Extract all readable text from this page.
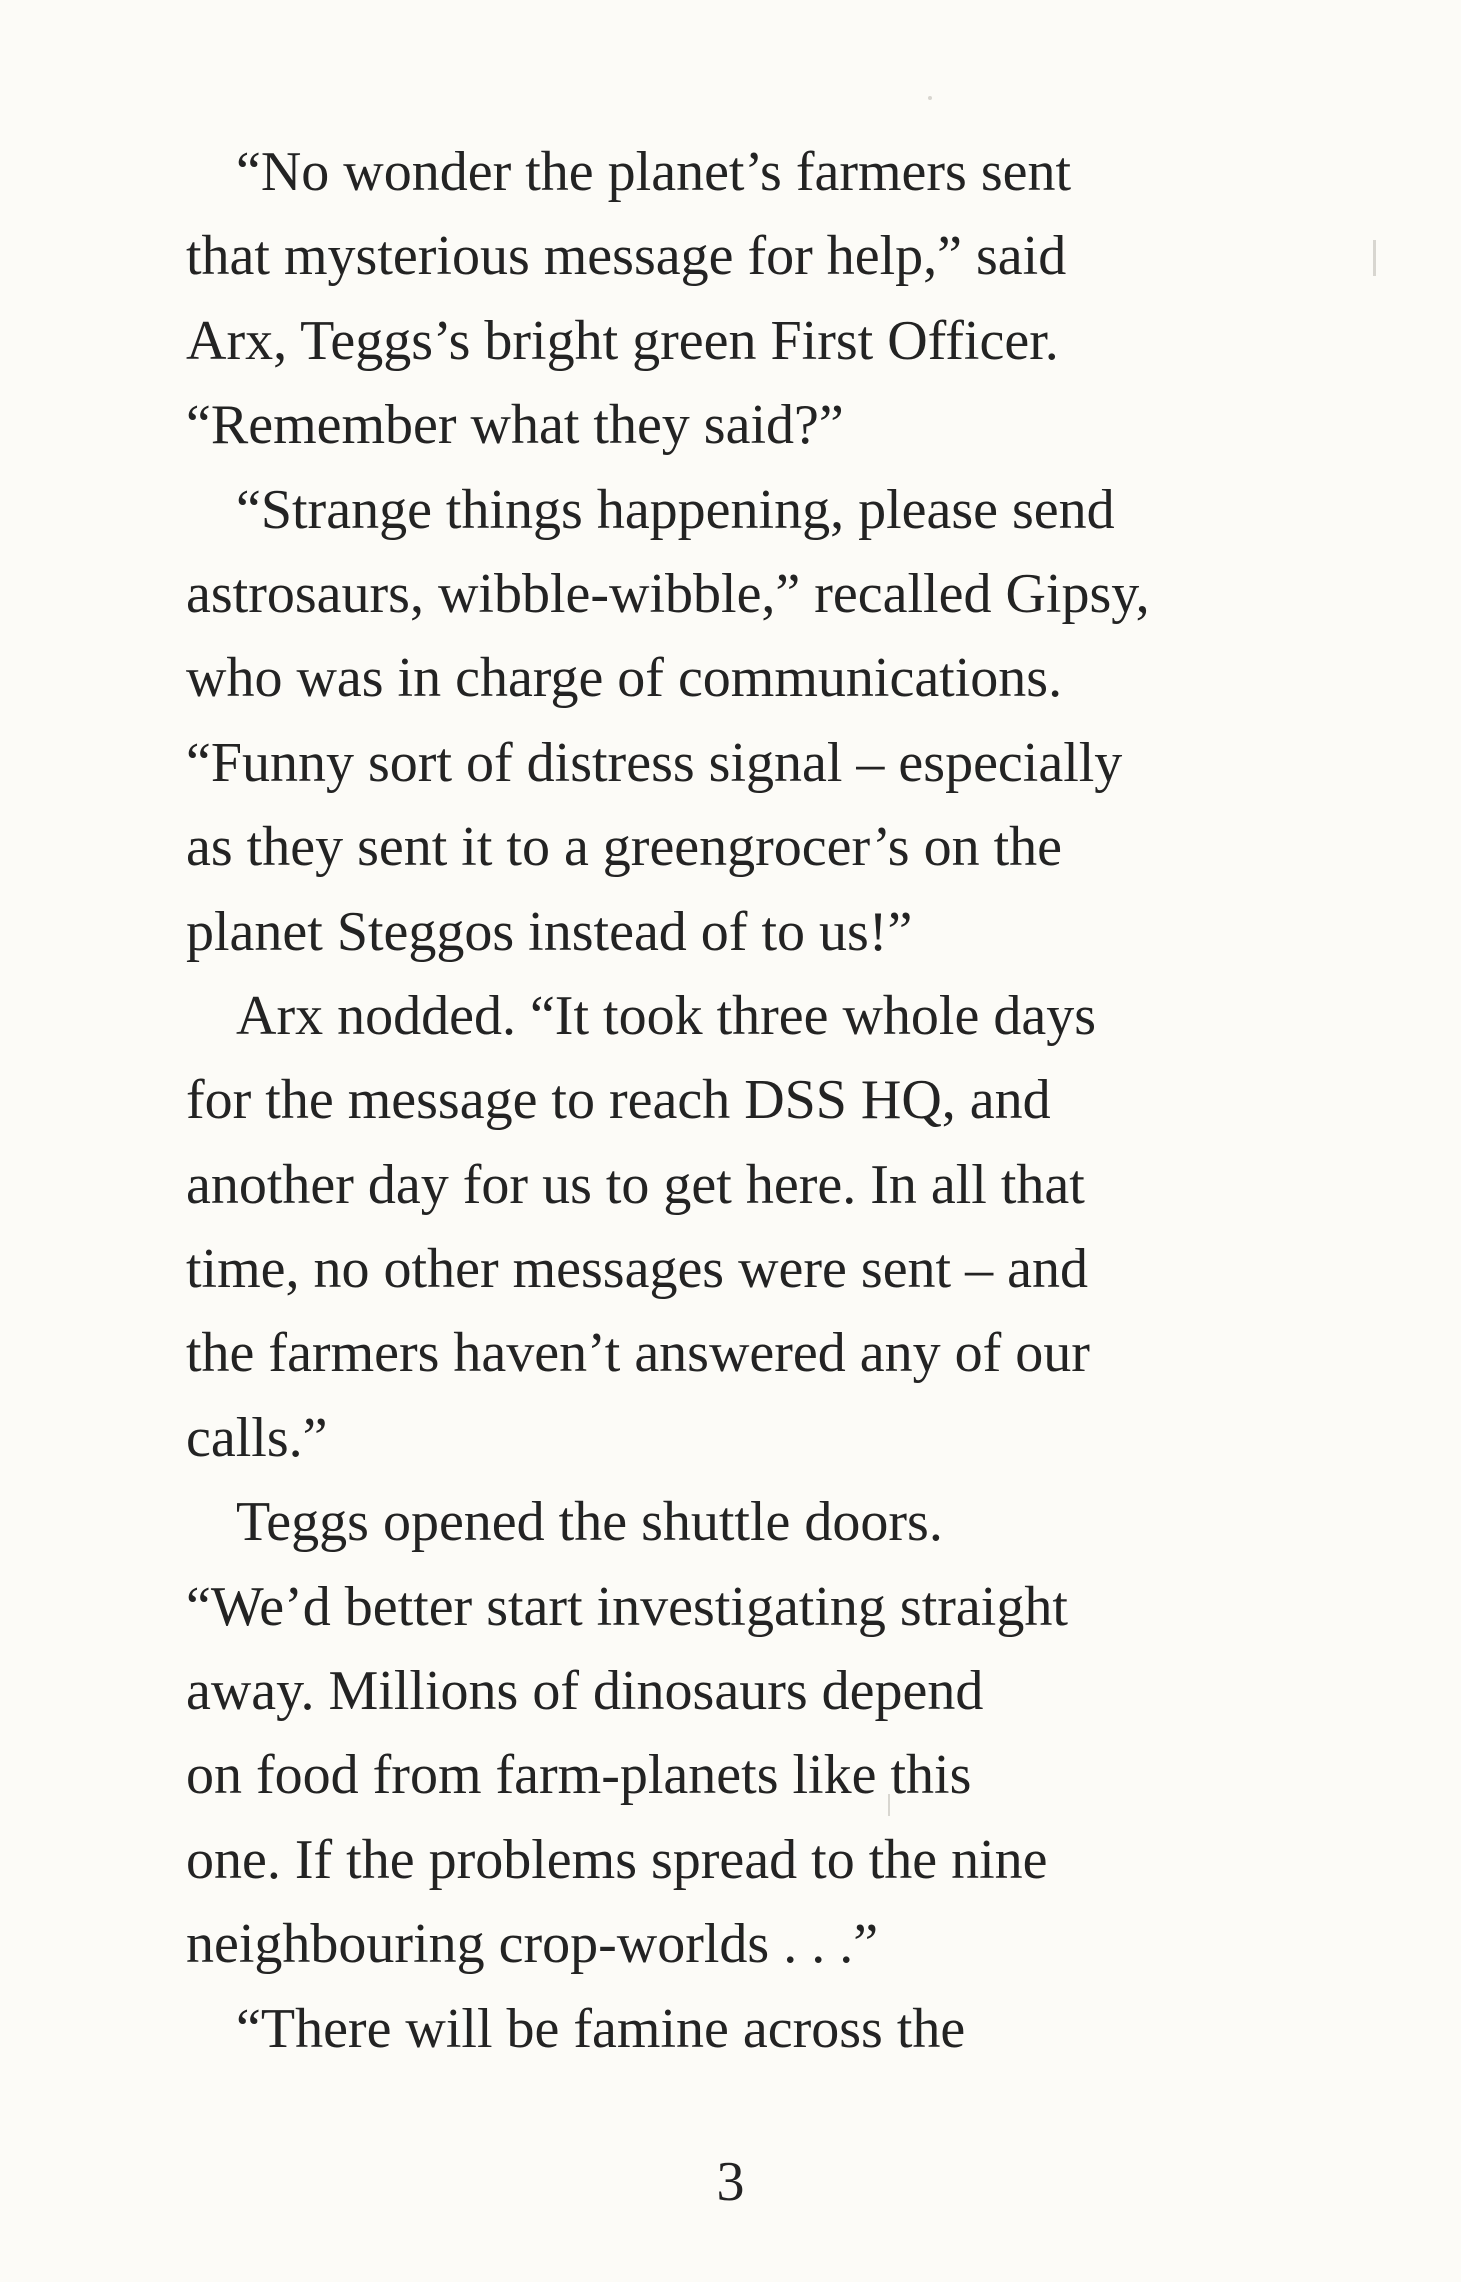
“No wonder the planet’s farmers sent
that mysterious message for help,” said
Arx, Teggs’s bright green First Officer.
“Remember what they said?”
“Strange things happening, please send
astrosaurs, wibble-wibble,” recalled Gipsy,
who was in charge of communications.
“Funny sort of distress signal – especially
as they sent it to a greengrocer’s on the
planet Steggos instead of to us!”
Arx nodded. “It took three whole days
for the message to reach DSS HQ, and
another day for us to get here. In all that
time, no other messages were sent – and
the farmers haven’t answered any of our
calls.”
Teggs opened the shuttle doors.
“We’d better start investigating straight
away. Millions of dinosaurs depend
on food from farm-planets like this
one. If the problems spread to the nine
neighbouring crop-worlds . . .”
“There will be famine across the
3
